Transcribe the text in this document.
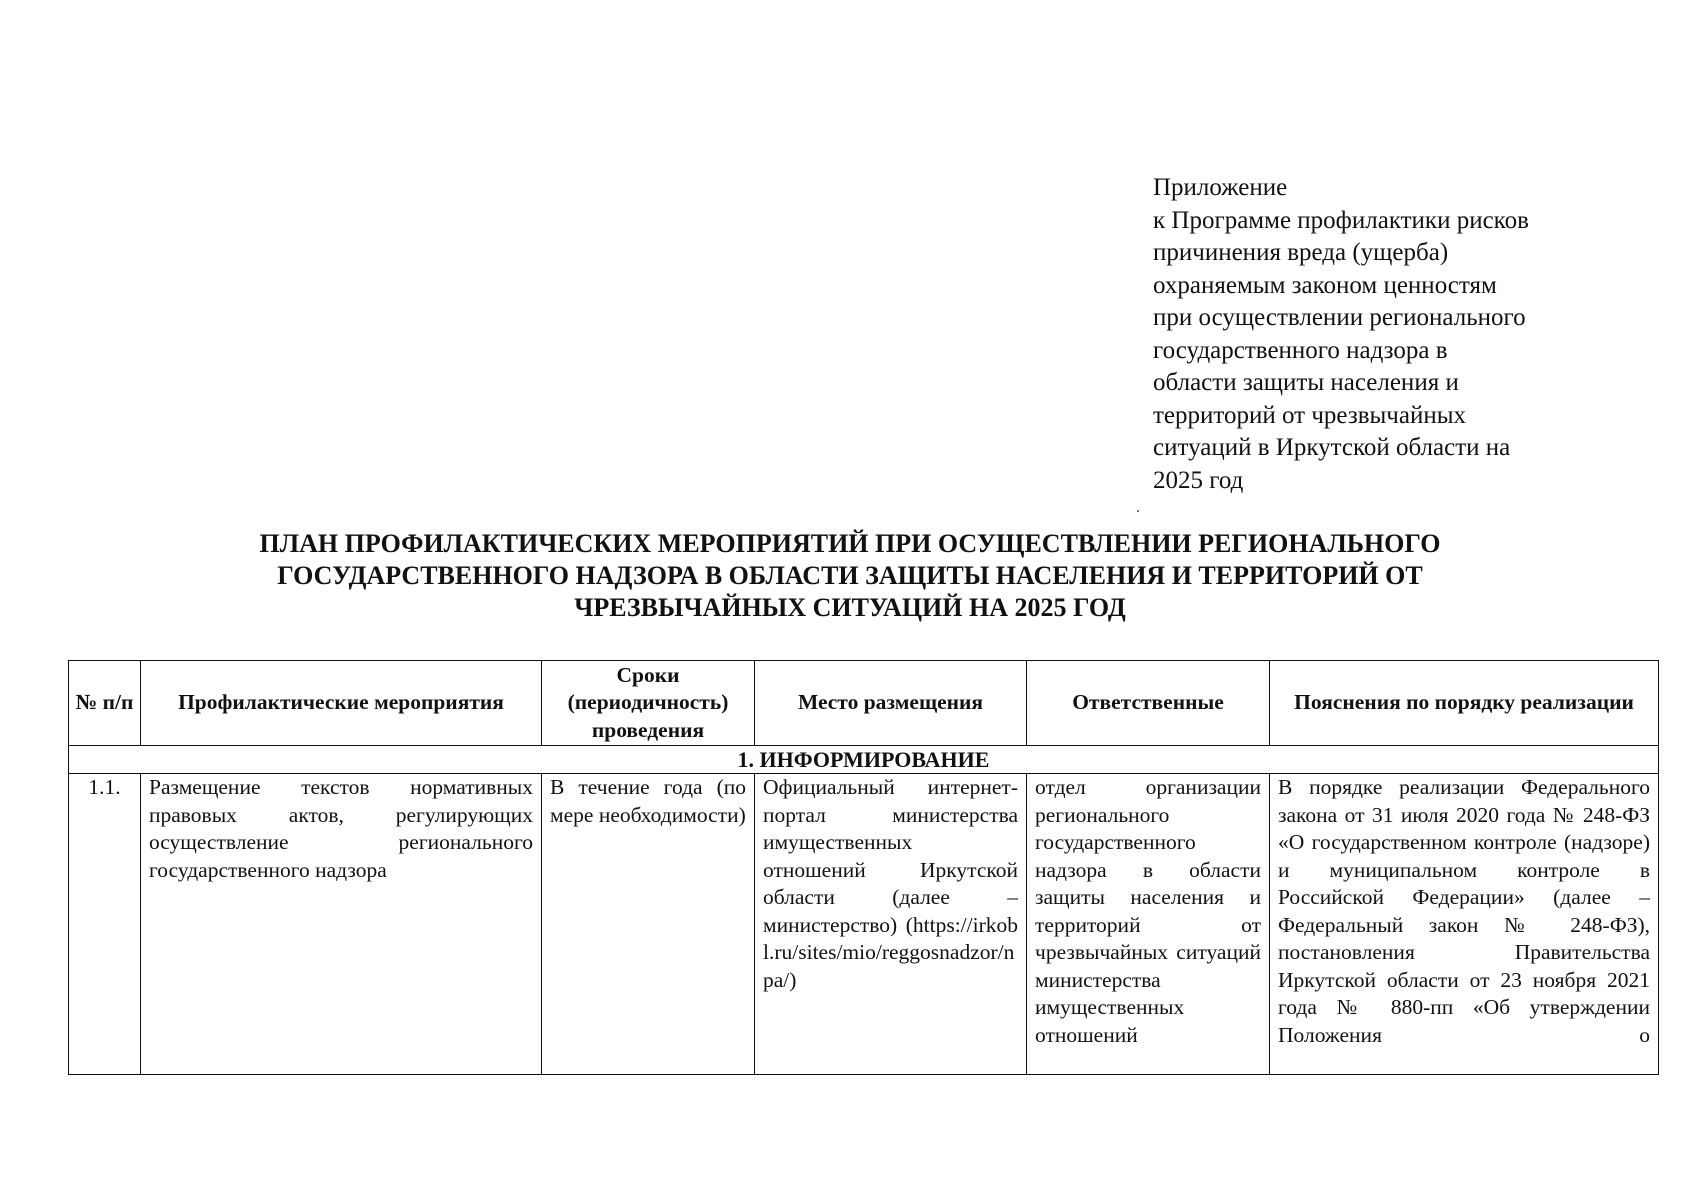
Приложение
к Программе профилактики рисков
причинения вреда (ущерба)
охраняемым законом ценностям
при осуществлении регионального
государственного надзора в
области защиты населения и
территорий от чрезвычайных
ситуаций в Иркутской области на
2025 год
ПЛАН ПРОФИЛАКТИЧЕСКИХ МЕРОПРИЯТИЙ ПРИ ОСУЩЕСТВЛЕНИИ РЕГИОНАЛЬНОГО
ГОСУДАРСТВЕННОГО НАДЗОРА В ОБЛАСТИ ЗАЩИТЫ НАСЕЛЕНИЯ И ТЕРРИТОРИЙ ОТ
ЧРЕЗВЫЧАЙНЫХ СИТУАЦИЙ НА 2025 ГОД
№ п/п	Профилактические мероприятия	Сроки (периодичность) проведения	Место размещения	Ответственные	Пояснения по порядку реализации
1. ИНФОРМИРОВАНИЕ					
1.1.	Размещение текстов нормативных правовых актов, регулирующих осуществление регионального государственного надзора	В течение года (по мере необходимости)	Официальный интернет-портал министерства имущественных отношений Иркутской области (далее – министерство) (https://irkobl.ru/sites/mio/reggosnadzor/npa/)	отдел организации регионального государственного надзора в области защиты населения и территорий от чрезвычайных ситуаций министерства имущественных отношений	В порядке реализации Федерального закона от 31 июля 2020 года № 248-ФЗ «О государственном контроле (надзоре) и муниципальном контроле в Российской Федерации» (далее – Федеральный закон № 248-ФЗ), постановления Правительства Иркутской области от 23 ноября 2021 года № 880-пп «Об утверждении Положения о
